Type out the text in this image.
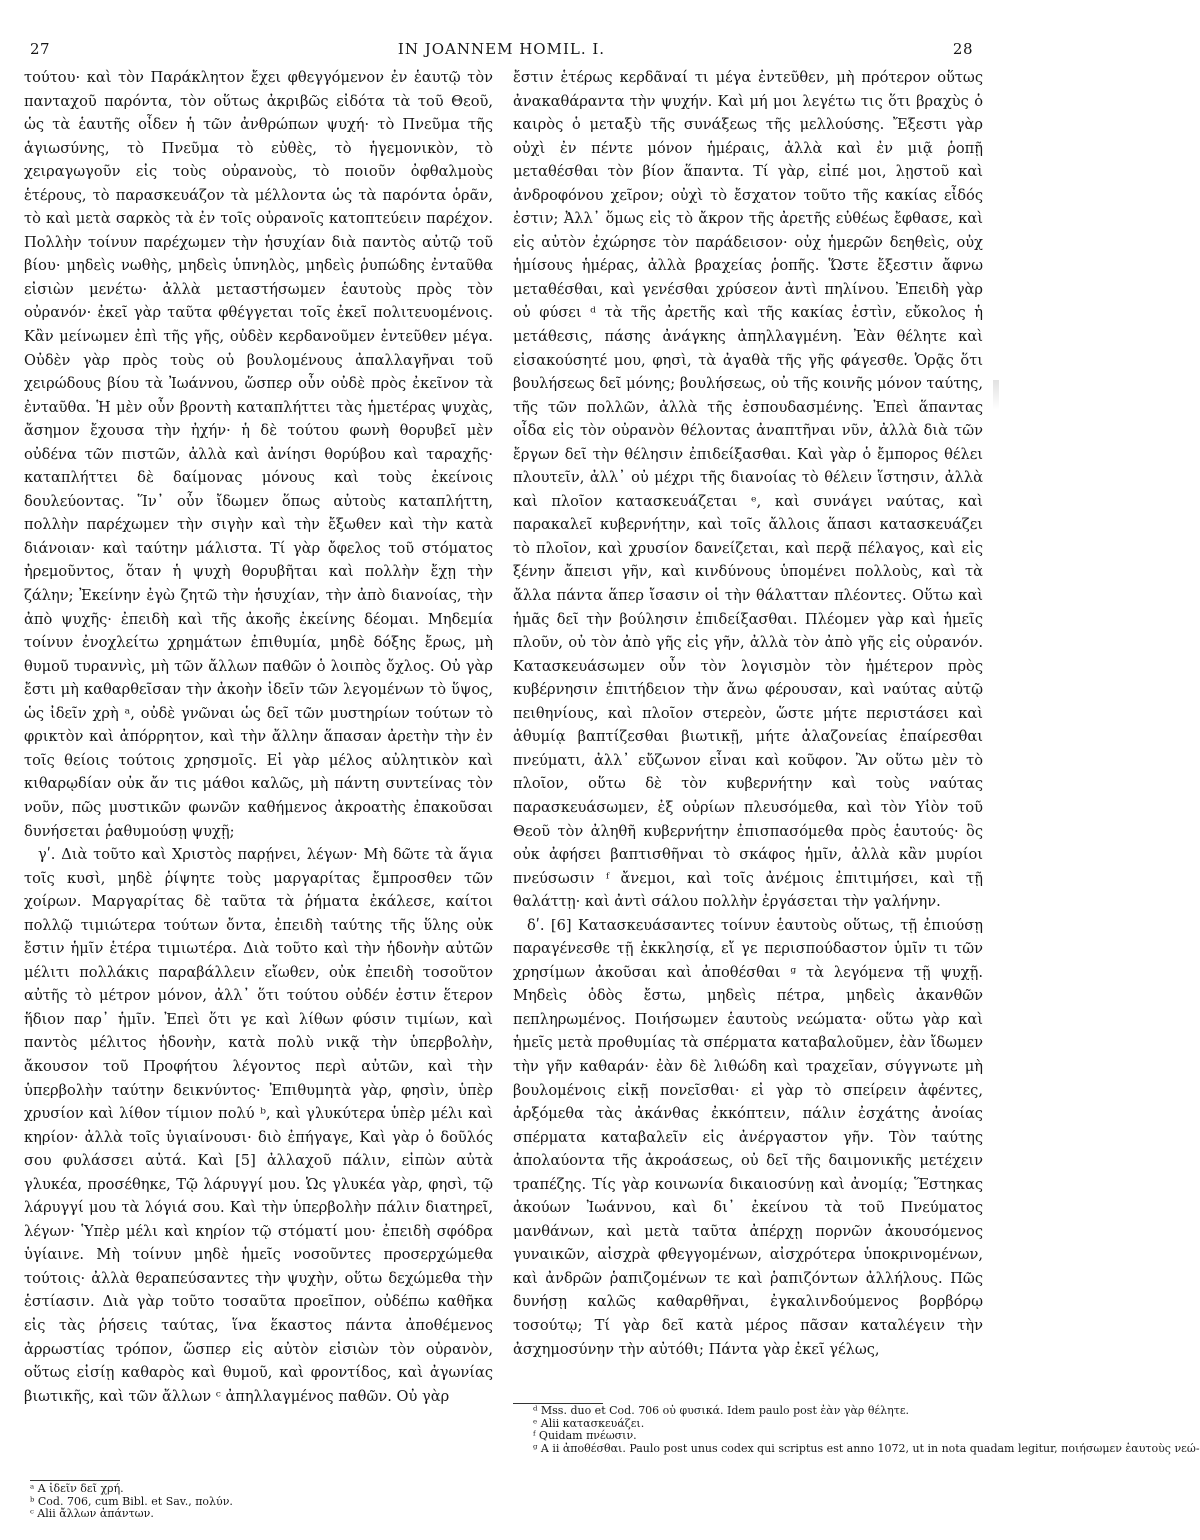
27	IN JOANNEM HOMIL. I.	28

τούτου· καὶ τὸν Παράκλητον ἔχει φθεγγόμενον ἐν ἑαυτῷ τὸν πανταχοῦ παρόντα, τὸν οὕτως ἀκριβῶς εἰδότα τὰ τοῦ Θεοῦ, ὡς τὰ ἑαυτῆς οἶδεν ἡ τῶν ἀνθρώπων ψυχή· τὸ Πνεῦμα τῆς ἁγιωσύνης, τὸ Πνεῦμα τὸ εὐθὲς, τὸ ἡγεμονικὸν, τὸ χειραγωγοῦν εἰς τοὺς οὐρανοὺς, τὸ ποιοῦν ὀφθαλμοὺς ἑτέρους, τὸ παρασκευάζον τὰ μέλλοντα ὡς τὰ παρόντα ὁρᾶν, τὸ καὶ μετὰ σαρκὸς τὰ ἐν τοῖς οὐρανοῖς κατοπτεύειν παρέχον. Πολλὴν τοίνυν παρέχωμεν τὴν ἡσυχίαν διὰ παντὸς αὐτῷ τοῦ βίου· μηδεὶς νωθὴς, μηδεὶς ὑπνηλὸς, μηδεὶς ῥυπώδης ἐνταῦθα εἰσιὼν μενέτω· ἀλλὰ μεταστήσωμεν ἑαυτοὺς πρὸς τὸν οὐρανόν· ἐκεῖ γὰρ ταῦτα φθέγγεται τοῖς ἐκεῖ πολιτευομένοις. Κἂν μείνωμεν ἐπὶ τῆς γῆς, οὐδὲν κερδανοῦμεν ἐντεῦθεν μέγα. Οὐδὲν γὰρ πρὸς τοὺς οὐ βουλομένους ἀπαλλαγῆναι τοῦ χειρώδους βίου τὰ Ἰωάννου, ὥσπερ οὖν οὐδὲ πρὸς ἐκεῖνον τὰ ἐνταῦθα. Ἡ μὲν οὖν βροντὴ καταπλήττει τὰς ἡμετέρας ψυχὰς, ἄσημον ἔχουσα τὴν ἠχήν· ἡ δὲ τούτου φωνὴ θορυβεῖ μὲν οὐδένα τῶν πιστῶν, ἀλλὰ καὶ ἀνίησι θορύβου καὶ ταραχῆς· καταπλήττει δὲ δαίμονας μόνους καὶ τοὺς ἐκείνοις δουλεύοντας. Ἵν᾿ οὖν ἴδωμεν ὅπως αὐτοὺς καταπλήττη, πολλὴν παρέχωμεν τὴν σιγὴν καὶ τὴν ἔξωθεν καὶ τὴν κατὰ διάνοιαν· καὶ ταύτην μάλιστα. Τί γὰρ ὄφελος τοῦ στόματος ἠρεμοῦντος, ὅταν ἡ ψυχὴ θορυβῆται καὶ πολλὴν ἔχῃ τὴν ζάλην; Ἐκείνην ἐγὼ ζητῶ τὴν ἡσυχίαν, τὴν ἀπὸ διανοίας, τὴν ἀπὸ ψυχῆς· ἐπειδὴ καὶ τῆς ἀκοῆς ἐκείνης δέομαι. Μηδεμία τοίνυν ἐνοχλείτω χρημάτων ἐπιθυμία, μηδὲ δόξης ἔρως, μὴ θυμοῦ τυραννὶς, μὴ τῶν ἄλλων παθῶν ὁ λοιπὸς ὄχλος. Οὐ γὰρ ἔστι μὴ καθαρθεῖσαν τὴν ἀκοὴν ἰδεῖν τῶν λεγομένων τὸ ὕψος, ὡς ἰδεῖν χρὴ ᵃ, οὐδὲ γνῶναι ὡς δεῖ τῶν μυστηρίων τούτων τὸ φρικτὸν καὶ ἀπόρρητον, καὶ τὴν ἄλλην ἅπασαν ἀρετὴν τὴν ἐν τοῖς θείοις τούτοις χρησμοῖς. Εἰ γὰρ μέλος αὐλητικὸν καὶ κιθαρῳδίαν οὐκ ἄν τις μάθοι καλῶς, μὴ πάντη συντείνας τὸν νοῦν, πῶς μυστικῶν φωνῶν καθήμενος ἀκροατὴς ἐπακοῦσαι δυνήσεται ῥαθυμούσῃ ψυχῇ;

γʹ. Διὰ τοῦτο καὶ Χριστὸς παρῄνει, λέγων· Μὴ δῶτε τὰ ἅγια τοῖς κυσὶ, μηδὲ ῥίψητε τοὺς μαργαρίτας ἔμπροσθεν τῶν χοίρων. Μαργαρίτας δὲ ταῦτα τὰ ῥήματα ἐκάλεσε, καίτοι πολλῷ τιμιώτερα τούτων ὄντα, ἐπειδὴ ταύτης τῆς ὕλης οὐκ ἔστιν ἡμῖν ἑτέρα τιμιωτέρα. Διὰ τοῦτο καὶ τὴν ἡδονὴν αὐτῶν μέλιτι πολλάκις παραβάλλειν εἴωθεν, οὐκ ἐπειδὴ τοσοῦτον αὐτῆς τὸ μέτρον μόνον, ἀλλ᾿ ὅτι τούτου οὐδέν ἐστιν ἕτερον ἥδιον παρ᾿ ἡμῖν. Ἐπεὶ ὅτι γε καὶ λίθων φύσιν τιμίων, καὶ παντὸς μέλιτος ἡδονὴν, κατὰ πολὺ νικᾷ τὴν ὑπερβολὴν, ἄκουσον τοῦ Προφήτου λέγοντος περὶ αὐτῶν, καὶ τὴν ὑπερβολὴν ταύτην δεικνύντος· Ἐπιθυμητὰ γὰρ, φησὶν, ὑπὲρ χρυσίον καὶ λίθον τίμιον πολύ ᵇ, καὶ γλυκύτερα ὑπὲρ μέλι καὶ κηρίον· ἀλλὰ τοῖς ὑγιαίνουσι· διὸ ἐπήγαγε, Καὶ γὰρ ὁ δοῦλός σου φυλάσσει αὐτά. Καὶ [5] ἀλλαχοῦ πάλιν, εἰπὼν αὐτὰ γλυκέα, προσέθηκε, Τῷ λάρυγγί μου. Ὡς γλυκέα γὰρ, φησὶ, τῷ λάρυγγί μου τὰ λόγιά σου. Καὶ τὴν ὑπερβολὴν πάλιν διατηρεῖ, λέγων· Ὑπὲρ μέλι καὶ κηρίον τῷ στόματί μου· ἐπειδὴ σφόδρα ὑγίαινε. Μὴ τοίνυν μηδὲ ἡμεῖς νοσοῦντες προσερχώμεθα τούτοις· ἀλλὰ θεραπεύσαντες τὴν ψυχὴν, οὕτω δεχώμεθα τὴν ἑστίασιν. Διὰ γὰρ τοῦτο τοσαῦτα προεῖπον, οὐδέπω καθῆκα εἰς τὰς ῥήσεις ταύτας, ἵνα ἕκαστος πάντα ἀποθέμενος ἀρρωστίας τρόπον, ὥσπερ εἰς αὐτὸν εἰσιὼν τὸν οὐρανὸν, οὕτως εἰσίῃ καθαρὸς καὶ θυμοῦ, καὶ φροντίδος, καὶ ἀγωνίας βιωτικῆς, καὶ τῶν ἄλλων ᶜ ἀπηλλαγμένος παθῶν. Οὐ γὰρ

ᵃ A ἰδεῖν δεῖ χρή.
ᵇ Cod. 706, cum Bibl. et Sav., πολύν.
ᶜ Alii ἄλλων ἁπάντων.

ἔστιν ἑτέρως κερδᾶναί τι μέγα ἐντεῦθεν, μὴ πρότερον οὕτως ἀνακαθάραντα τὴν ψυχήν. Καὶ μή μοι λεγέτω τις ὅτι βραχὺς ὁ καιρὸς ὁ μεταξὺ τῆς συνάξεως τῆς μελλούσης. Ἔξεστι γὰρ οὐχὶ ἐν πέντε μόνον ἡμέραις, ἀλλὰ καὶ ἐν μιᾷ ῥοπῇ μεταθέσθαι τὸν βίον ἅπαντα. Τί γὰρ, εἰπέ μοι, λῃστοῦ καὶ ἀνδροφόνου χεῖρον; οὐχὶ τὸ ἔσχατον τοῦτο τῆς κακίας εἶδός ἐστιν; Ἀλλ᾿ ὅμως εἰς τὸ ἄκρον τῆς ἀρετῆς εὐθέως ἔφθασε, καὶ εἰς αὐτὸν ἐχώρησε τὸν παράδεισον· οὐχ ἡμερῶν δεηθεὶς, οὐχ ἡμίσους ἡμέρας, ἀλλὰ βραχείας ῥοπῆς. Ὥστε ἔξεστιν ἄφνω μεταθέσθαι, καὶ γενέσθαι χρύσεον ἀντὶ πηλίνου. Ἐπειδὴ γὰρ οὐ φύσει ᵈ τὰ τῆς ἀρετῆς καὶ τῆς κακίας ἐστὶν, εὔκολος ἡ μετάθεσις, πάσης ἀνάγκης ἀπηλλαγμένη. Ἐὰν θέλητε καὶ εἰσακούσητέ μου, φησὶ, τὰ ἀγαθὰ τῆς γῆς φάγεσθε. Ὁρᾷς ὅτι βουλήσεως δεῖ μόνης; βουλήσεως, οὐ τῆς κοινῆς μόνον ταύτης, τῆς τῶν πολλῶν, ἀλλὰ τῆς ἐσπουδασμένης. Ἐπεὶ ἅπαντας οἶδα εἰς τὸν οὐρανὸν θέλοντας ἀναπτῆναι νῦν, ἀλλὰ διὰ τῶν ἔργων δεῖ τὴν θέλησιν ἐπιδείξασθαι. Καὶ γὰρ ὁ ἔμπορος θέλει πλουτεῖν, ἀλλ᾿ οὐ μέχρι τῆς διανοίας τὸ θέλειν ἵστησιν, ἀλλὰ καὶ πλοῖον κατασκευάζεται ᵉ, καὶ συνάγει ναύτας, καὶ παρακαλεῖ κυβερνήτην, καὶ τοῖς ἄλλοις ἅπασι κατασκευάζει τὸ πλοῖον, καὶ χρυσίον δανείζεται, καὶ περᾷ πέλαγος, καὶ εἰς ξένην ἄπεισι γῆν, καὶ κινδύνους ὑπομένει πολλοὺς, καὶ τὰ ἄλλα πάντα ἅπερ ἴσασιν οἱ τὴν θάλατταν πλέοντες. Οὕτω καὶ ἡμᾶς δεῖ τὴν βούλησιν ἐπιδείξασθαι. Πλέομεν γὰρ καὶ ἡμεῖς πλοῦν, οὐ τὸν ἀπὸ γῆς εἰς γῆν, ἀλλὰ τὸν ἀπὸ γῆς εἰς οὐρανόν. Κατασκευάσωμεν οὖν τὸν λογισμὸν τὸν ἡμέτερον πρὸς κυβέρνησιν ἐπιτήδειον τὴν ἄνω φέρουσαν, καὶ ναύτας αὐτῷ πειθηνίους, καὶ πλοῖον στερεὸν, ὥστε μήτε περιστάσει καὶ ἀθυμίᾳ βαπτίζεσθαι βιωτικῇ, μήτε ἀλαζονείας ἐπαίρεσθαι πνεύματι, ἀλλ᾿ εὔζωνον εἶναι καὶ κοῦφον. Ἂν οὕτω μὲν τὸ πλοῖον, οὕτω δὲ τὸν κυβερνήτην καὶ τοὺς ναύτας παρασκευάσωμεν, ἐξ οὐρίων πλευσόμεθα, καὶ τὸν Υἱὸν τοῦ Θεοῦ τὸν ἀληθῆ κυβερνήτην ἐπισπασόμεθα πρὸς ἑαυτούς· ὃς οὐκ ἀφήσει βαπτισθῆναι τὸ σκάφος ἡμῖν, ἀλλὰ κἂν μυρίοι πνεύσωσιν ᶠ ἄνεμοι, καὶ τοῖς ἀνέμοις ἐπιτιμήσει, καὶ τῇ θαλάττῃ· καὶ ἀντὶ σάλου πολλὴν ἐργάσεται τὴν γαλήνην.

δʹ. [6] Κατασκευάσαντες τοίνυν ἑαυτοὺς οὕτως, τῇ ἐπιούσῃ παραγένεσθε τῇ ἐκκλησίᾳ, εἴ γε περισπούδαστον ὑμῖν τι τῶν χρησίμων ἀκοῦσαι καὶ ἀποθέσθαι ᵍ τὰ λεγόμενα τῇ ψυχῇ. Μηδεὶς ὁδὸς ἔστω, μηδεὶς πέτρα, μηδεὶς ἀκανθῶν πεπληρωμένος. Ποιήσωμεν ἑαυτοὺς νεώματα· οὕτω γὰρ καὶ ἡμεῖς μετὰ προθυμίας τὰ σπέρματα καταβαλοῦμεν, ἐὰν ἴδωμεν τὴν γῆν καθαράν· ἐὰν δὲ λιθώδη καὶ τραχεῖαν, σύγγνωτε μὴ βουλομένοις εἰκῇ πονεῖσθαι· εἰ γὰρ τὸ σπείρειν ἀφέντες, ἀρξόμεθα τὰς ἀκάνθας ἐκκόπτειν, πάλιν ἐσχάτης ἀνοίας σπέρματα καταβαλεῖν εἰς ἀνέργαστον γῆν. Τὸν ταύτης ἀπολαύοντα τῆς ἀκροάσεως, οὐ δεῖ τῆς δαιμονικῆς μετέχειν τραπέζης. Τίς γὰρ κοινωνία δικαιοσύνῃ καὶ ἀνομίᾳ; Ἕστηκας ἀκούων Ἰωάννου, καὶ δι᾿ ἐκείνου τὰ τοῦ Πνεύματος μανθάνων, καὶ μετὰ ταῦτα ἀπέρχῃ πορνῶν ἀκουσόμενος γυναικῶν, αἰσχρὰ φθεγγομένων, αἰσχρότερα ὑποκρινομένων, καὶ ἀνδρῶν ῥαπιζομένων τε καὶ ῥαπιζόντων ἀλλήλους. Πῶς δυνήσῃ καλῶς καθαρθῆναι, ἐγκαλινδούμενος βορβόρῳ τοσούτῳ; Τί γὰρ δεῖ κατὰ μέρος πᾶσαν καταλέγειν τὴν ἀσχημοσύνην τὴν αὐτόθι; Πάντα γὰρ ἐκεῖ γέλως,

ᵈ Mss. duo et Cod. 706 οὐ φυσικά. Idem paulo post ἐὰν γὰρ θέλητε.
ᵉ Alii κατασκευάζει.
ᶠ Quidam πνέωσιν.
ᵍ A ii ἀποθέσθαι. Paulo post unus codex qui scriptus est anno 1072, ut in nota quadam legitur, ποιήσωμεν ἑαυτοὺς νεώ-
